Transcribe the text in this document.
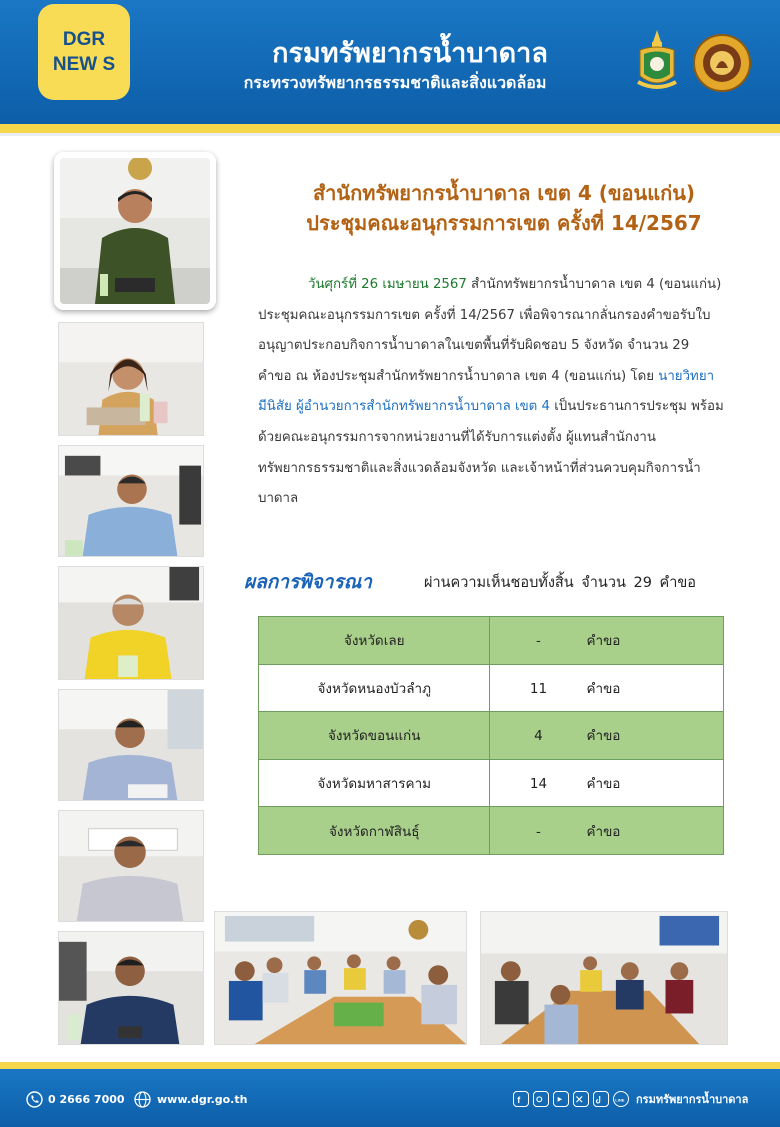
DGR NEW S	กรมทรัพยากรน้ำบาดาล
กระทรวงทรัพยากรธรรมชาติและสิ่งแวดล้อม
สำนักทรัพยากรน้ำบาดาล เขต 4 (ขอนแก่น)
ประชุมคณะอนุกรรมการเขต ครั้งที่ 14/2567
วันศุกร์ที่ 26 เมษายน 2567 สำนักทรัพยากรน้ำบาดาล เขต 4 (ขอนแก่น) ประชุมคณะอนุกรรมการเขต ครั้งที่ 14/2567 เพื่อพิจารณากลั่นกรองคำขอรับใบอนุญาตประกอบกิจการน้ำบาดาลในเขตพื้นที่รับผิดชอบ 5 จังหวัด จำนวน 29 คำขอ ณ ห้องประชุมสำนักทรัพยากรน้ำบาดาล เขต 4 (ขอนแก่น) โดย นายวิทยา มีนิสัย ผู้อำนวยการสำนักทรัพยากรน้ำบาดาล เขต 4 เป็นประธานการประชุม พร้อมด้วยคณะอนุกรรมการจากหน่วยงานที่ได้รับการแต่งตั้ง ผู้แทนสำนักงานทรัพยากรธรรมชาติและสิ่งแวดล้อมจังหวัด และเจ้าหน้าที่ส่วนควบคุมกิจการน้ำบาดาล
ผลการพิจารณา	ผ่านความเห็นชอบทั้งสิ้น จำนวน 29 คำขอ
จังหวัดเลย	- คำขอ
จังหวัดหนองบัวลำภู	11 คำขอ
จังหวัดขอนแก่น	4 คำขอ
จังหวัดมหาสารคาม	14 คำขอ
จังหวัดกาฬสินธุ์	- คำขอ
0 2666 7000	www.dgr.go.th	f	LINE กรมทรัพยากรน้ำบาดาล
